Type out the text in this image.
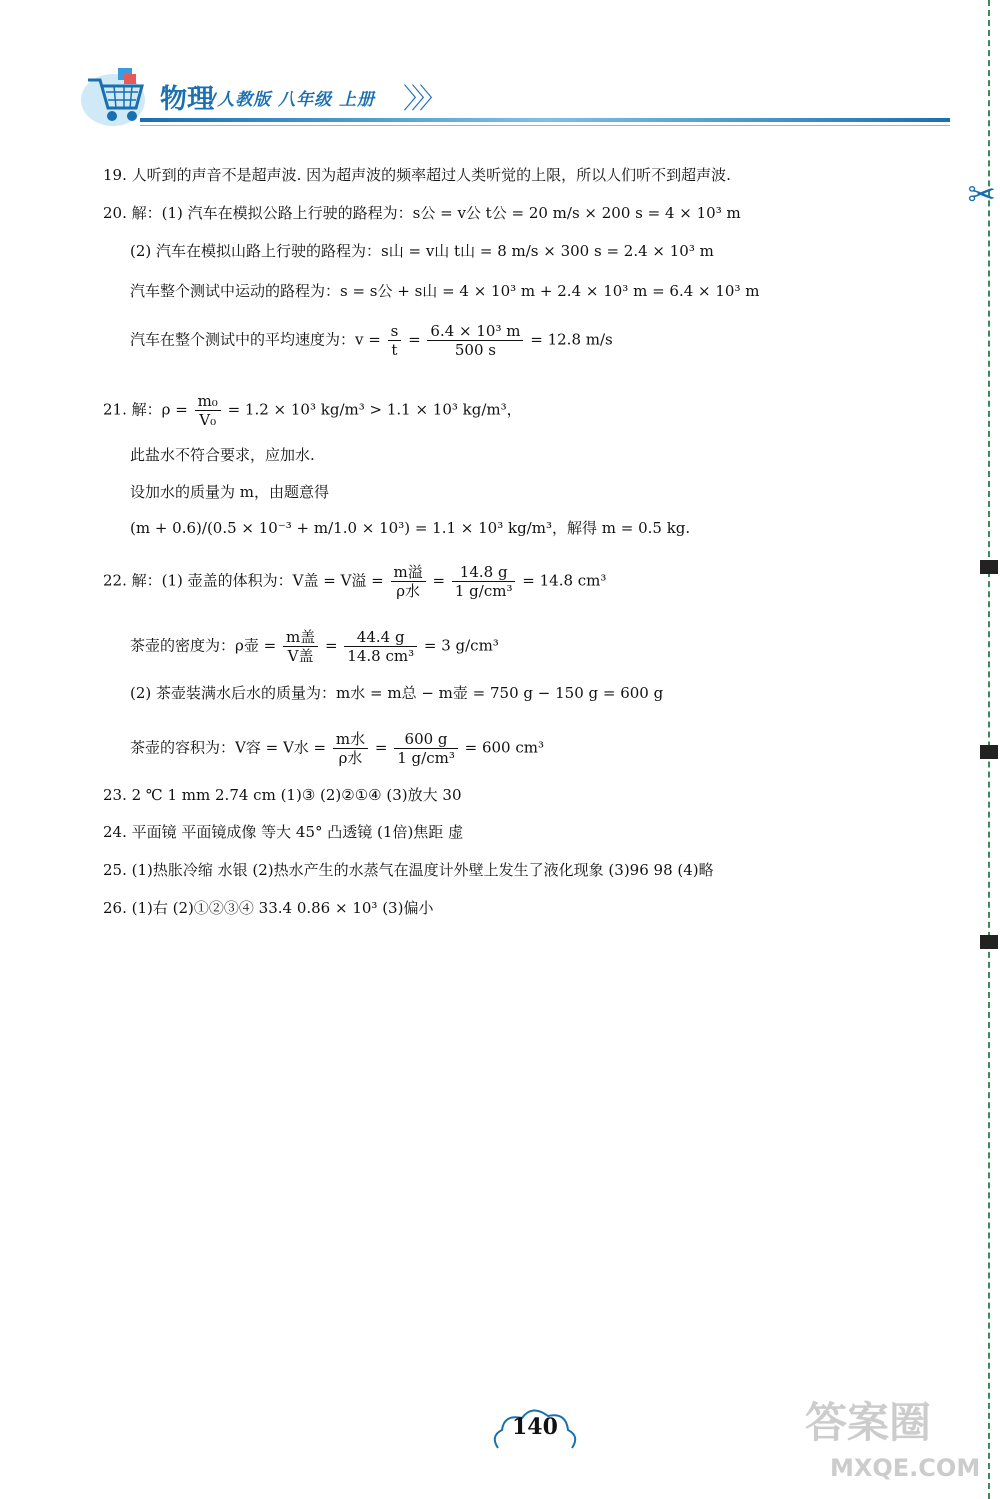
物理
/人教版 八年级 上册 〉〉〉
✂
19. 人听到的声音不是超声波. 因为超声波的频率超过人类听觉的上限，所以人们听不到超声波.
20. 解：(1) 汽车在模拟公路上行驶的路程为：s公 = v公 t公 = 20 m/s × 200 s = 4 × 10³ m
(2) 汽车在模拟山路上行驶的路程为：s山 = v山 t山 = 8 m/s × 300 s = 2.4 × 10³ m
汽车整个测试中运动的路程为：s = s公 + s山 = 4 × 10³ m + 2.4 × 10³ m = 6.4 × 10³ m
汽车在整个测试中的平均速度为：$v = \frac{s}{t} = \frac{\text{6.4 × 10³ m}}{500 s} = 12.8$ m/s
21. 解：$\rho = \frac{\text{m₀}}{\text{V₀}} = 1.2 \times 10^3$ kg/m³ > 1.1 × 10³ kg/m³，
此盐水不符合要求，应加水.
设加水的质量为 m，由题意得
(m + 0.6)/(0.5 × 10⁻³ + m/1.0 × 10³) = 1.1 × 10³ kg/m³，解得 m = 0.5 kg.
22. 解：(1) 壶盖的体积为：V盖 = V溢 = $\frac{\text{m溢}}{\text{ρ水}} = \frac{14.8 g}{\text{1 g/cm³}} = 14.8$ cm³
茶壶的密度为：ρ壶 = $\frac{\text{m盖}}{\text{V盖}} = \frac{44.4 g}{\text{14.8 cm³}} = 3$ g/cm³
(2) 茶壶装满水后水的质量为：m水 = m总 − m壶 = 750 g − 150 g = 600 g
茶壶的容积为：V容 = V水 = $\frac{\text{m水}}{\text{ρ水}} = \frac{600 g}{\text{1 g/cm³}} = 600$ cm³
23. 2 ℃ 1 mm 2.74 cm (1)③ (2)②①④ (3)放大 30
24. 平面镜 平面镜成像 等大 45° 凸透镜 (1倍)焦距 虚
25. (1)热胀冷缩 水银 (2)热水产生的水蒸气在温度计外壁上发生了液化现象 (3)96 98 (4)略
26. (1)右 (2)①②③④ 33.4 0.86 × 10³ (3)偏小
140	答案圈
MXQE.COM
